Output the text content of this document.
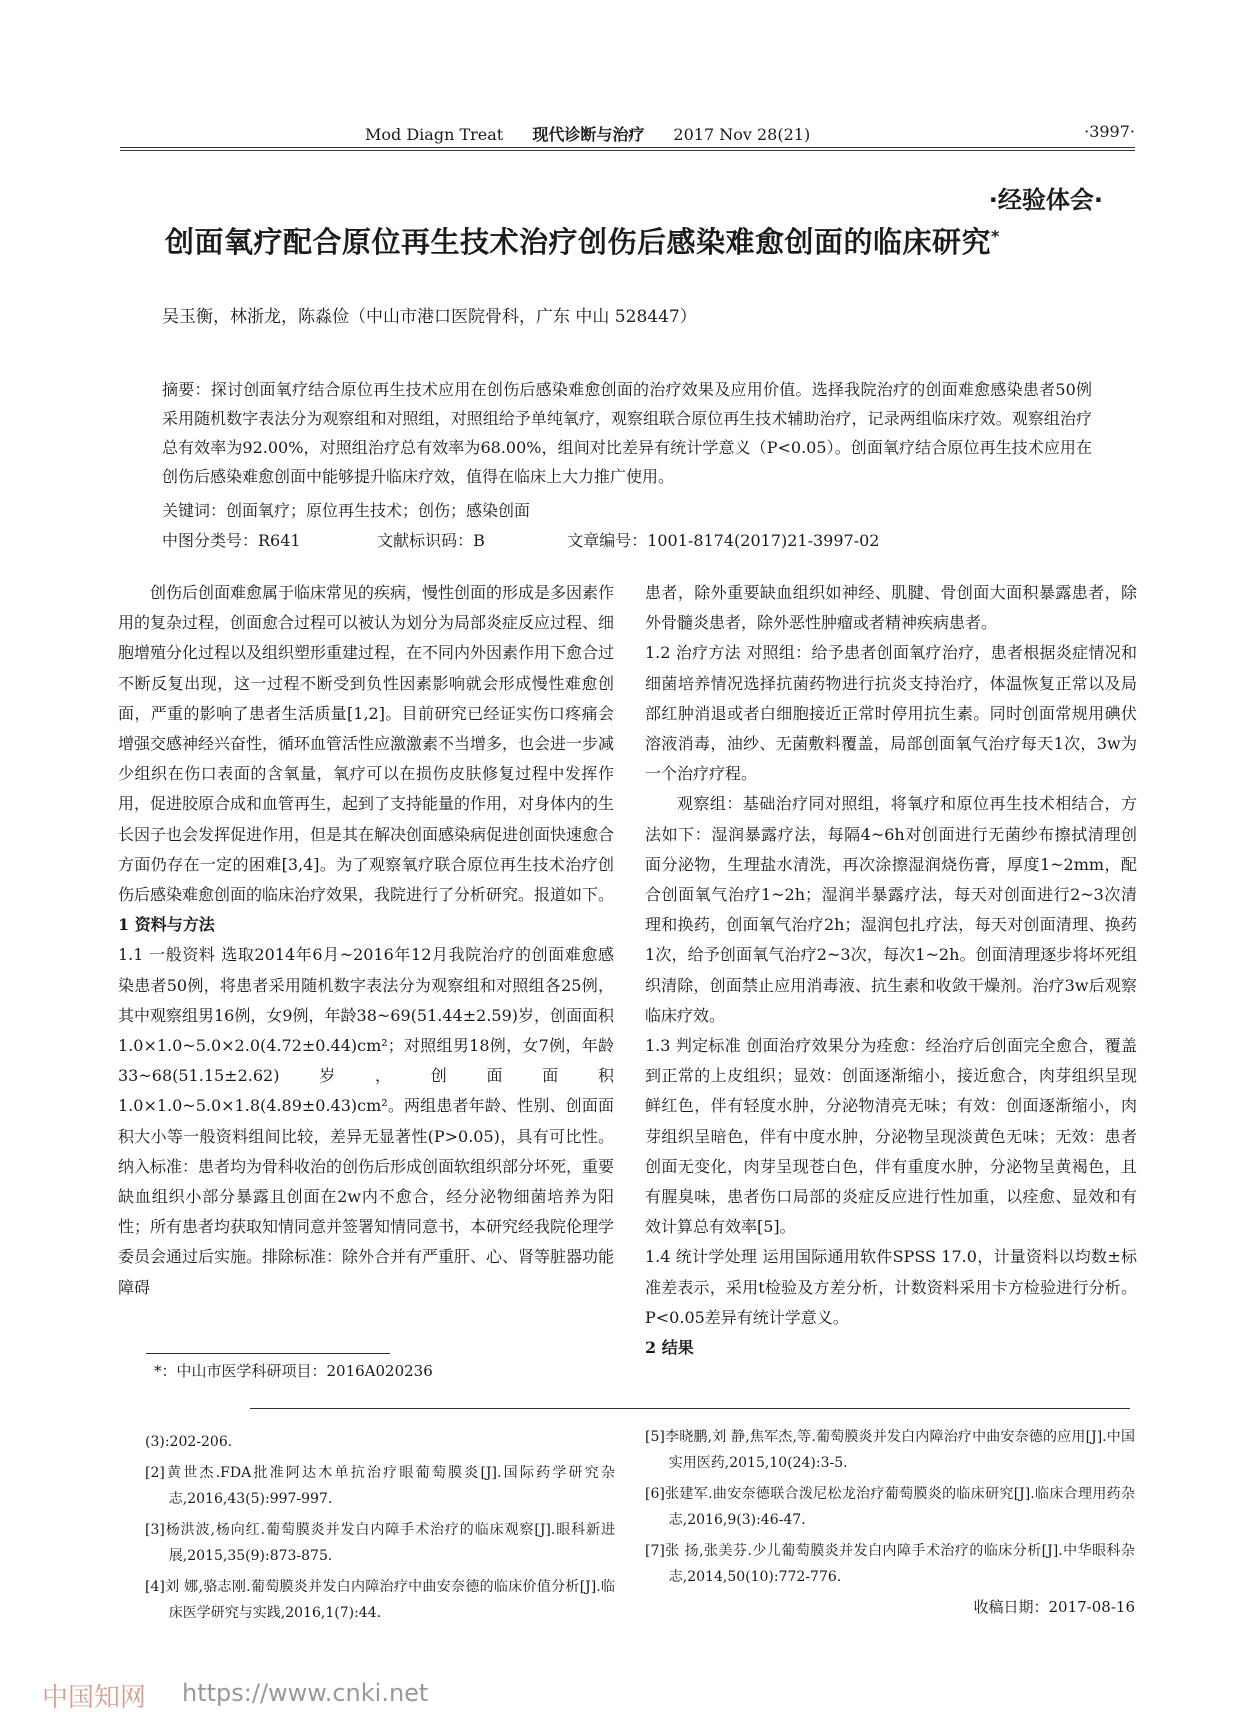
Mod Diagn Treat 现代诊断与治疗 2017 Nov 28(21)	·3997·
·经验体会·
创面氧疗配合原位再生技术治疗创伤后感染难愈创面的临床研究*
吴玉衡，林浙龙，陈淼俭（中山市港口医院骨科，广东 中山 528447）
摘要：探讨创面氧疗结合原位再生技术应用在创伤后感染难愈创面的治疗效果及应用价值。选择我院治疗的创面难愈感染患者50例采用随机数字表法分为观察组和对照组，对照组给予单纯氧疗，观察组联合原位再生技术辅助治疗，记录两组临床疗效。观察组治疗总有效率为92.00%，对照组治疗总有效率为68.00%，组间对比差异有统计学意义（P<0.05）。创面氧疗结合原位再生技术应用在创伤后感染难愈创面中能够提升临床疗效，值得在临床上大力推广使用。
关键词：创面氧疗；原位再生技术；创伤；感染创面
中图分类号：R641	文献标识码：B	文章编号：1001-8174(2017)21-3997-02

创伤后创面难愈属于临床常见的疾病，慢性创面的形成是多因素作用的复杂过程，创面愈合过程可以被认为划分为局部炎症反应过程、细胞增殖分化过程以及组织塑形重建过程，在不同内外因素作用下愈合过不断反复出现，这一过程不断受到负性因素影响就会形成慢性难愈创面，严重的影响了患者生活质量[1,2]。目前研究已经证实伤口疼痛会增强交感神经兴奋性，循环血管活性应激激素不当增多，也会进一步减少组织在伤口表面的含氧量，氧疗可以在损伤皮肤修复过程中发挥作用，促进胶原合成和血管再生，起到了支持能量的作用，对身体内的生长因子也会发挥促进作用，但是其在解决创面感染病促进创面快速愈合方面仍存在一定的困难[3,4]。为了观察氧疗联合原位再生技术治疗创伤后感染难愈创面的临床治疗效果，我院进行了分析研究。报道如下。

1 资料与方法

1.1 一般资料 选取2014年6月~2016年12月我院治疗的创面难愈感染患者50例，将患者采用随机数字表法分为观察组和对照组各25例，其中观察组男16例，女9例，年龄38~69(51.44±2.59)岁，创面面积1.0×1.0~5.0×2.0(4.72±0.44)cm²；对照组男18例，女7例，年龄33~68(51.15±2.62)岁，创面面积1.0×1.0~5.0×1.8(4.89±0.43)cm²。两组患者年龄、性别、创面面积大小等一般资料组间比较，差异无显著性(P>0.05)，具有可比性。纳入标准：患者均为骨科收治的创伤后形成创面软组织部分坏死，重要缺血组织小部分暴露且创面在2w内不愈合，经分泌物细菌培养为阳性；所有患者均获取知情同意并签署知情同意书，本研究经我院伦理学委员会通过后实施。排除标准：除外合并有严重肝、心、肾等脏器功能障碍

患者，除外重要缺血组织如神经、肌腱、骨创面大面积暴露患者，除外骨髓炎患者，除外恶性肿瘤或者精神疾病患者。

1.2 治疗方法 对照组：给予患者创面氧疗治疗，患者根据炎症情况和细菌培养情况选择抗菌药物进行抗炎支持治疗，体温恢复正常以及局部红肿消退或者白细胞接近正常时停用抗生素。同时创面常规用碘伏溶液消毒，油纱、无菌敷料覆盖，局部创面氧气治疗每天1次，3w为一个治疗疗程。

观察组：基础治疗同对照组，将氧疗和原位再生技术相结合，方法如下：湿润暴露疗法，每隔4~6h对创面进行无菌纱布擦拭清理创面分泌物，生理盐水清洗，再次涂擦湿润烧伤膏，厚度1~2mm，配合创面氧气治疗1~2h；湿润半暴露疗法，每天对创面进行2~3次清理和换药，创面氧气治疗2h；湿润包扎疗法，每天对创面清理、换药1次，给予创面氧气治疗2~3次，每次1~2h。创面清理逐步将坏死组织清除，创面禁止应用消毒液、抗生素和收敛干燥剂。治疗3w后观察临床疗效。

1.3 判定标准 创面治疗效果分为痊愈：经治疗后创面完全愈合，覆盖到正常的上皮组织；显效：创面逐渐缩小，接近愈合，肉芽组织呈现鲜红色，伴有轻度水肿，分泌物清亮无味；有效：创面逐渐缩小，肉芽组织呈暗色，伴有中度水肿，分泌物呈现淡黄色无味；无效：患者创面无变化，肉芽呈现苍白色，伴有重度水肿，分泌物呈黄褐色，且有腥臭味，患者伤口局部的炎症反应进行性加重，以痊愈、显效和有效计算总有效率[5]。

1.4 统计学处理 运用国际通用软件SPSS 17.0，计量资料以均数±标准差表示，采用t检验及方差分析，计数资料采用卡方检验进行分析。P<0.05差异有统计学意义。

2 结果

*：中山市医学科研项目：2016A020236
(3):202-206.
[2]黄世杰.FDA批准阿达木单抗治疗眼葡萄膜炎[J].国际药学研究杂志,2016,43(5):997-997.
[3]杨洪波,杨向红.葡萄膜炎并发白内障手术治疗的临床观察[J].眼科新进展,2015,35(9):873-875.
[4]刘 娜,骆志刚.葡萄膜炎并发白内障治疗中曲安奈德的临床价值分析[J].临床医学研究与实践,2016,1(7):44.
[5]李晓鹏,刘 静,焦军杰,等.葡萄膜炎并发白内障治疗中曲安奈德的应用[J].中国实用医药,2015,10(24):3-5.
[6]张建军.曲安奈德联合泼尼松龙治疗葡萄膜炎的临床研究[J].临床合理用药杂志,2016,9(3):46-47.
[7]张 扬,张美芬.少儿葡萄膜炎并发白内障手术治疗的临床分析[J].中华眼科杂志,2014,50(10):772-776.
收稿日期：2017-08-16
中国知网 https://www.cnki.net
